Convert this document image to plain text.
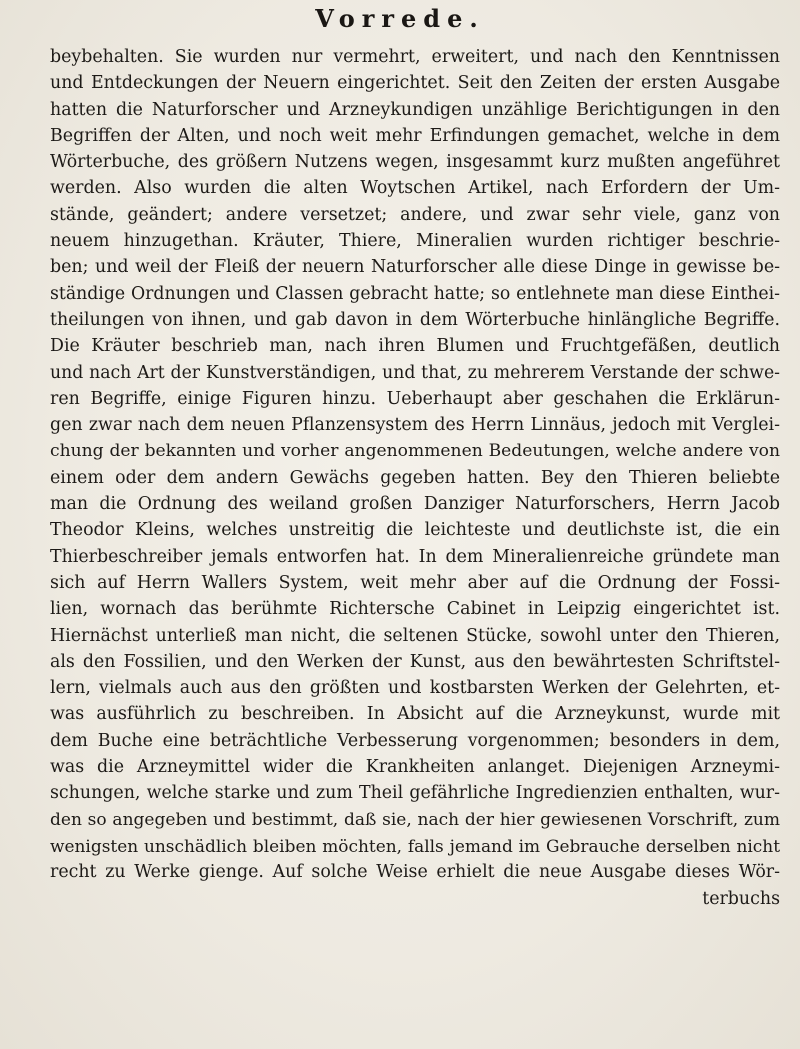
Vorrede.
beybehalten. Sie wurden nur vermehrt, erweitert, und nach den Kenntnissen
und Entdeckungen der Neuern eingerichtet. Seit den Zeiten der ersten Ausgabe
hatten die Naturforscher und Arzneykundigen unzählige Berichtigungen in den
Begriffen der Alten, und noch weit mehr Erfindungen gemachet, welche in dem
Wörterbuche, des größern Nutzens wegen, insgesammt kurz mußten angeführet
werden. Also wurden die alten Woytschen Artikel, nach Erfordern der Um-
stände, geändert; andere versetzet; andere, und zwar sehr viele, ganz von
neuem hinzugethan. Kräuter, Thiere, Mineralien wurden richtiger beschrie-
ben; und weil der Fleiß der neuern Naturforscher alle diese Dinge in gewisse be-
ständige Ordnungen und Classen gebracht hatte; so entlehnete man diese Einthei-
theilungen von ihnen, und gab davon in dem Wörterbuche hinlängliche Begriffe.
Die Kräuter beschrieb man, nach ihren Blumen und Fruchtgefäßen, deutlich
und nach Art der Kunstverständigen, und that, zu mehrerem Verstande der schwe-
ren Begriffe, einige Figuren hinzu. Ueberhaupt aber geschahen die Erklärun-
gen zwar nach dem neuen Pflanzensystem des Herrn Linnäus, jedoch mit Verglei-
chung der bekannten und vorher angenommenen Bedeutungen, welche andere von
einem oder dem andern Gewächs gegeben hatten. Bey den Thieren beliebte
man die Ordnung des weiland großen Danziger Naturforschers, Herrn Jacob
Theodor Kleins, welches unstreitig die leichteste und deutlichste ist, die ein
Thierbeschreiber jemals entworfen hat. In dem Mineralienreiche gründete man
sich auf Herrn Wallers System, weit mehr aber auf die Ordnung der Fossi-
lien, wornach das berühmte Richtersche Cabinet in Leipzig eingerichtet ist.
Hiernächst unterließ man nicht, die seltenen Stücke, sowohl unter den Thieren,
als den Fossilien, und den Werken der Kunst, aus den bewährtesten Schriftstel-
lern, vielmals auch aus den größten und kostbarsten Werken der Gelehrten, et-
was ausführlich zu beschreiben. In Absicht auf die Arzneykunst, wurde mit
dem Buche eine beträchtliche Verbesserung vorgenommen; besonders in dem,
was die Arzneymittel wider die Krankheiten anlanget. Diejenigen Arzneymi-
schungen, welche starke und zum Theil gefährliche Ingredienzien enthalten, wur-
den so angegeben und bestimmt, daß sie, nach der hier gewiesenen Vorschrift, zum
wenigsten unschädlich bleiben möchten, falls jemand im Gebrauche derselben nicht
recht zu Werke gienge. Auf solche Weise erhielt die neue Ausgabe dieses Wör-
terbuchs
